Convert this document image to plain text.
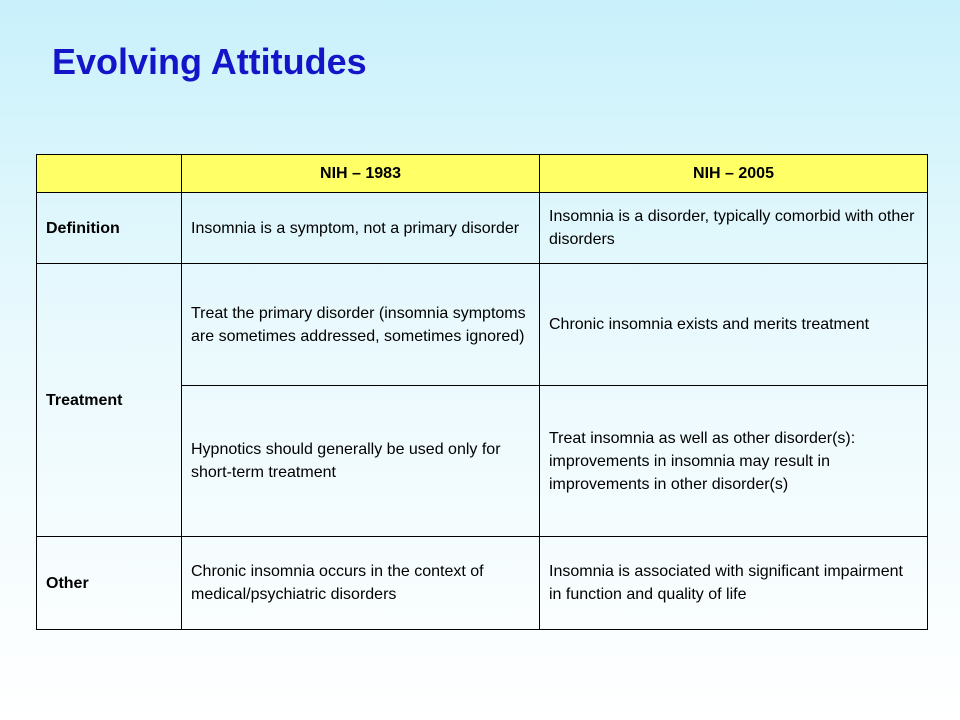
Evolving Attitudes
	NIH – 1983	NIH – 2005
Definition	Insomnia is a symptom, not a primary disorder	Insomnia is a disorder, typically comorbid with other disorders

Treatment	Treat the primary disorder (insomnia symptoms are sometimes addressed, sometimes ignored)	Chronic insomnia exists and merits treatment

	Hypnotics should generally be used only for short-term treatment	Treat insomnia as well as other disorder(s): improvements in insomnia may result in improvements in other disorder(s)

Other	Chronic insomnia occurs in the context of medical/psychiatric disorders	Insomnia is associated with significant impairment in function and quality of life
